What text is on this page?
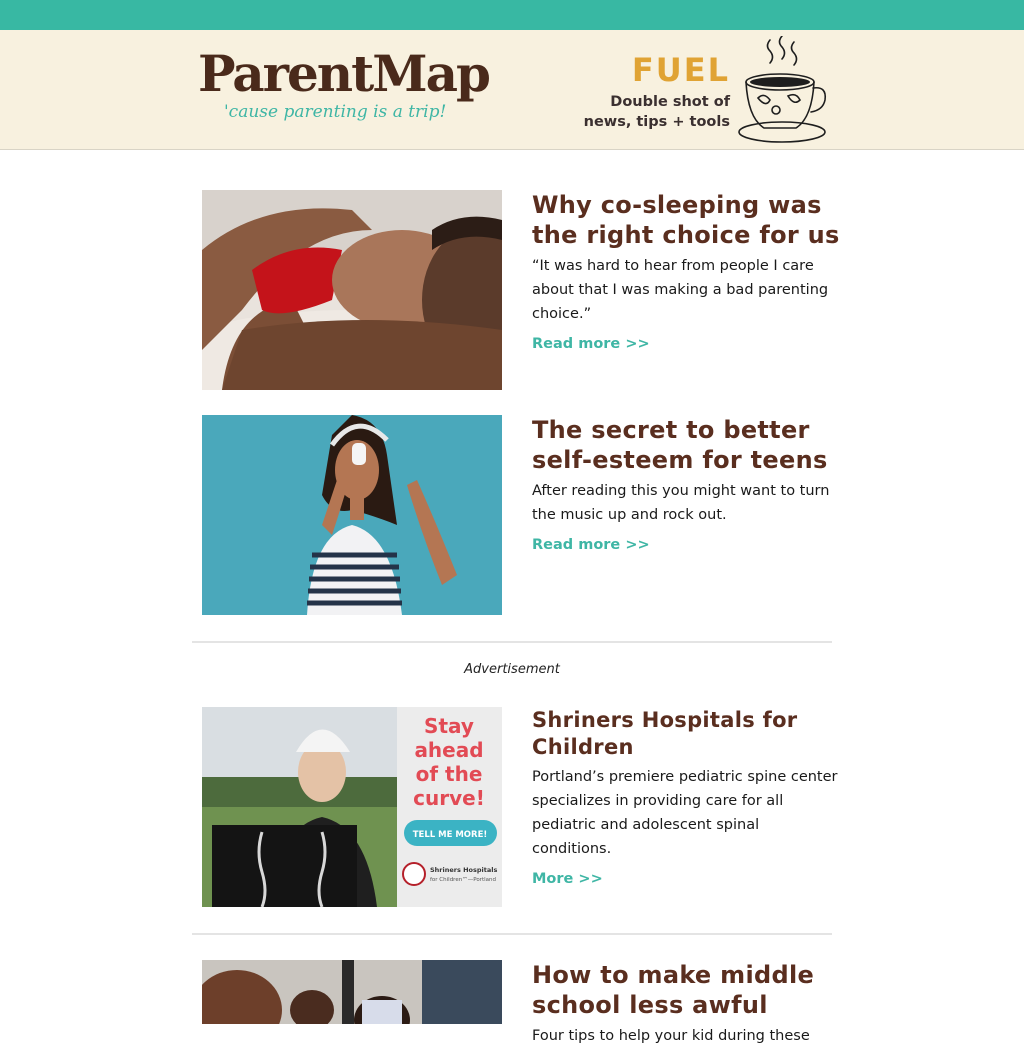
ParentMap
'cause parenting is a trip!
FUEL
Double shot of
news, tips + tools
Why co-sleeping was the right choice for us
“It was hard to hear from people I care about that I was making a bad parenting choice.”
Read more >>
The secret to better self-esteem for teens
After reading this you might want to turn the music up and rock out.
Read more >>
Advertisement
Stay
ahead
of the
curve!
TELL ME MORE!
Shriners Hospitals
for Children™—Portland
Shriners Hospitals for Children
Portland’s premiere pediatric spine center specializes in providing care for all pediatric and adolescent spinal conditions.
More >>
How to make middle school less awful
Four tips to help your kid during these
